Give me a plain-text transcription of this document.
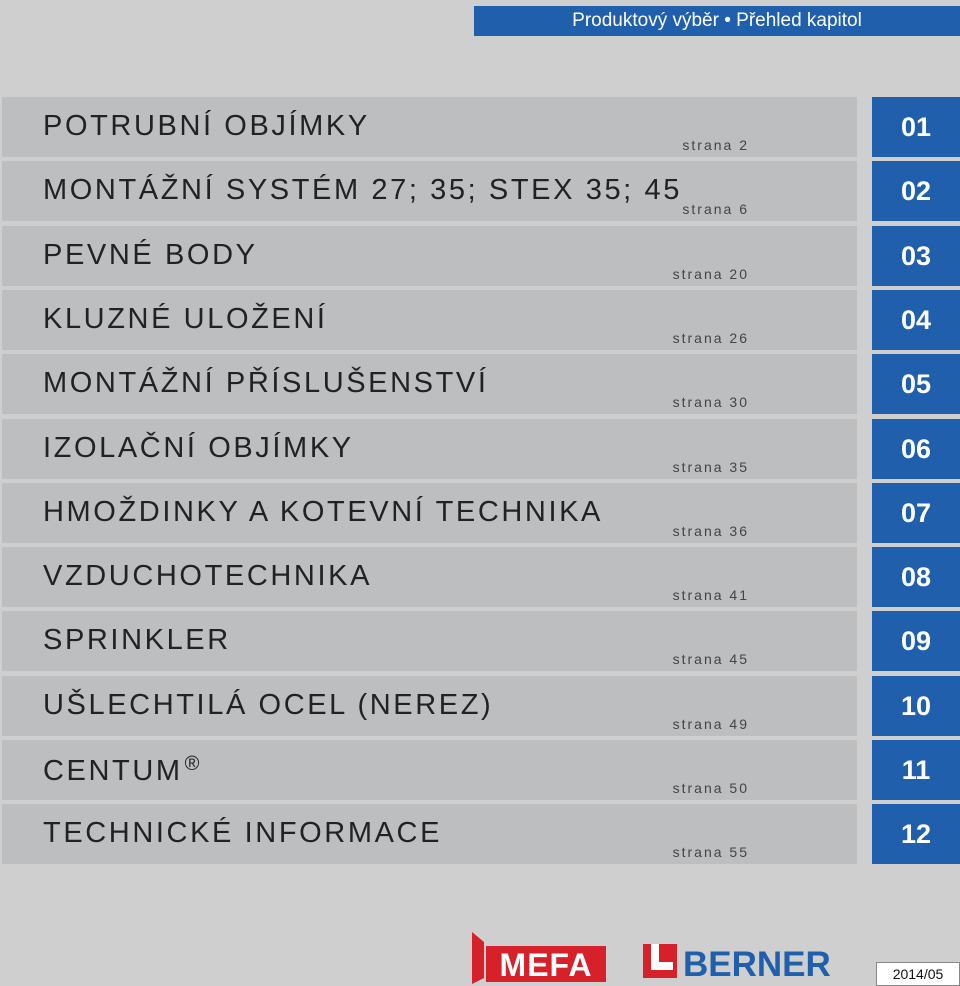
Produktový výběr • Přehled kapitol
POTRUBNÍ OBJÍMKY
strana 2
01
MONTÁŽNÍ SYSTÉM 27; 35; STEX 35; 45
strana 6
02
PEVNÉ BODY
strana 20
03
KLUZNÉ ULOŽENÍ
strana 26
04
MONTÁŽNÍ PŘÍSLUŠENSTVÍ
strana 30
05
IZOLAČNÍ OBJÍMKY
strana 35
06
HMOŽDINKY A KOTEVNÍ TECHNIKA
strana 36
07
VZDUCHOTECHNIKA
strana 41
08
SPRINKLER
strana 45
09
UŠLECHTILÁ OCEL (NEREZ)
strana 49
10
CENTUM ®
strana 50
11
TECHNICKÉ INFORMACE
strana 55
12
MEFA	BERNER	2014/05
